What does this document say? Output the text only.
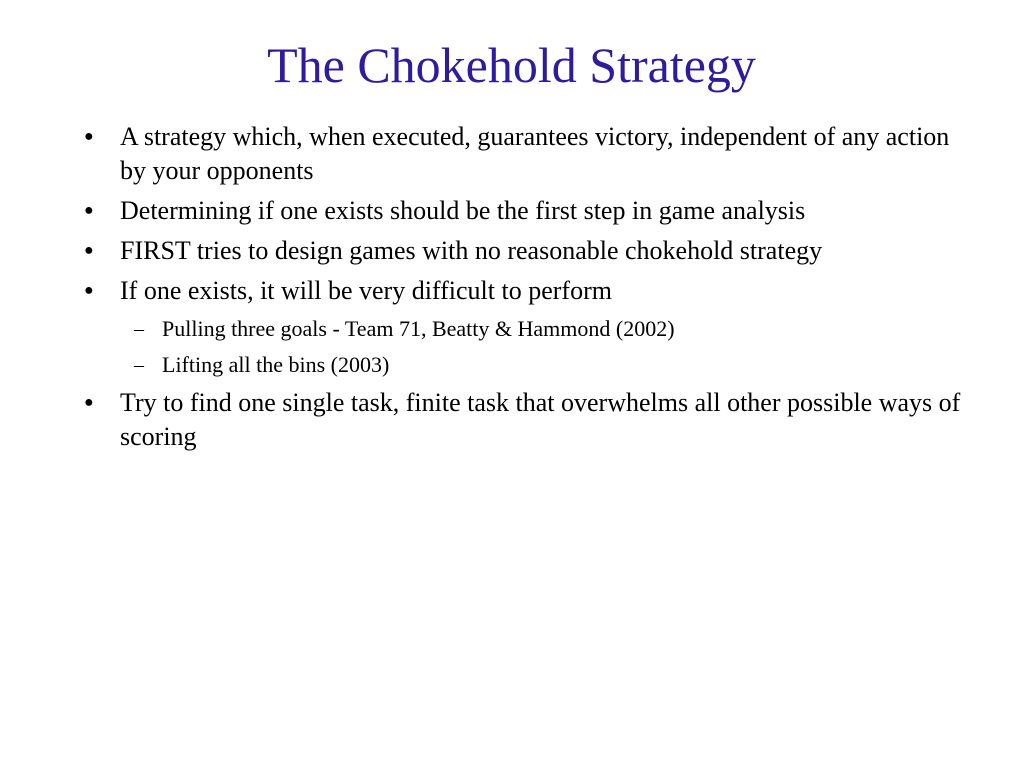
The Chokehold Strategy
●	A strategy which, when executed, guarantees victory, independent of any action by your opponents
●	Determining if one exists should be the first step in game analysis
●	FIRST tries to design games with no reasonable chokehold strategy
●	If one exists, it will be very difficult to perform
– Pulling three goals - Team 71, Beatty & Hammond (2002)
– Lifting all the bins (2003)
●	Try to find one single task, finite task that overwhelms all other possible ways of scoring
